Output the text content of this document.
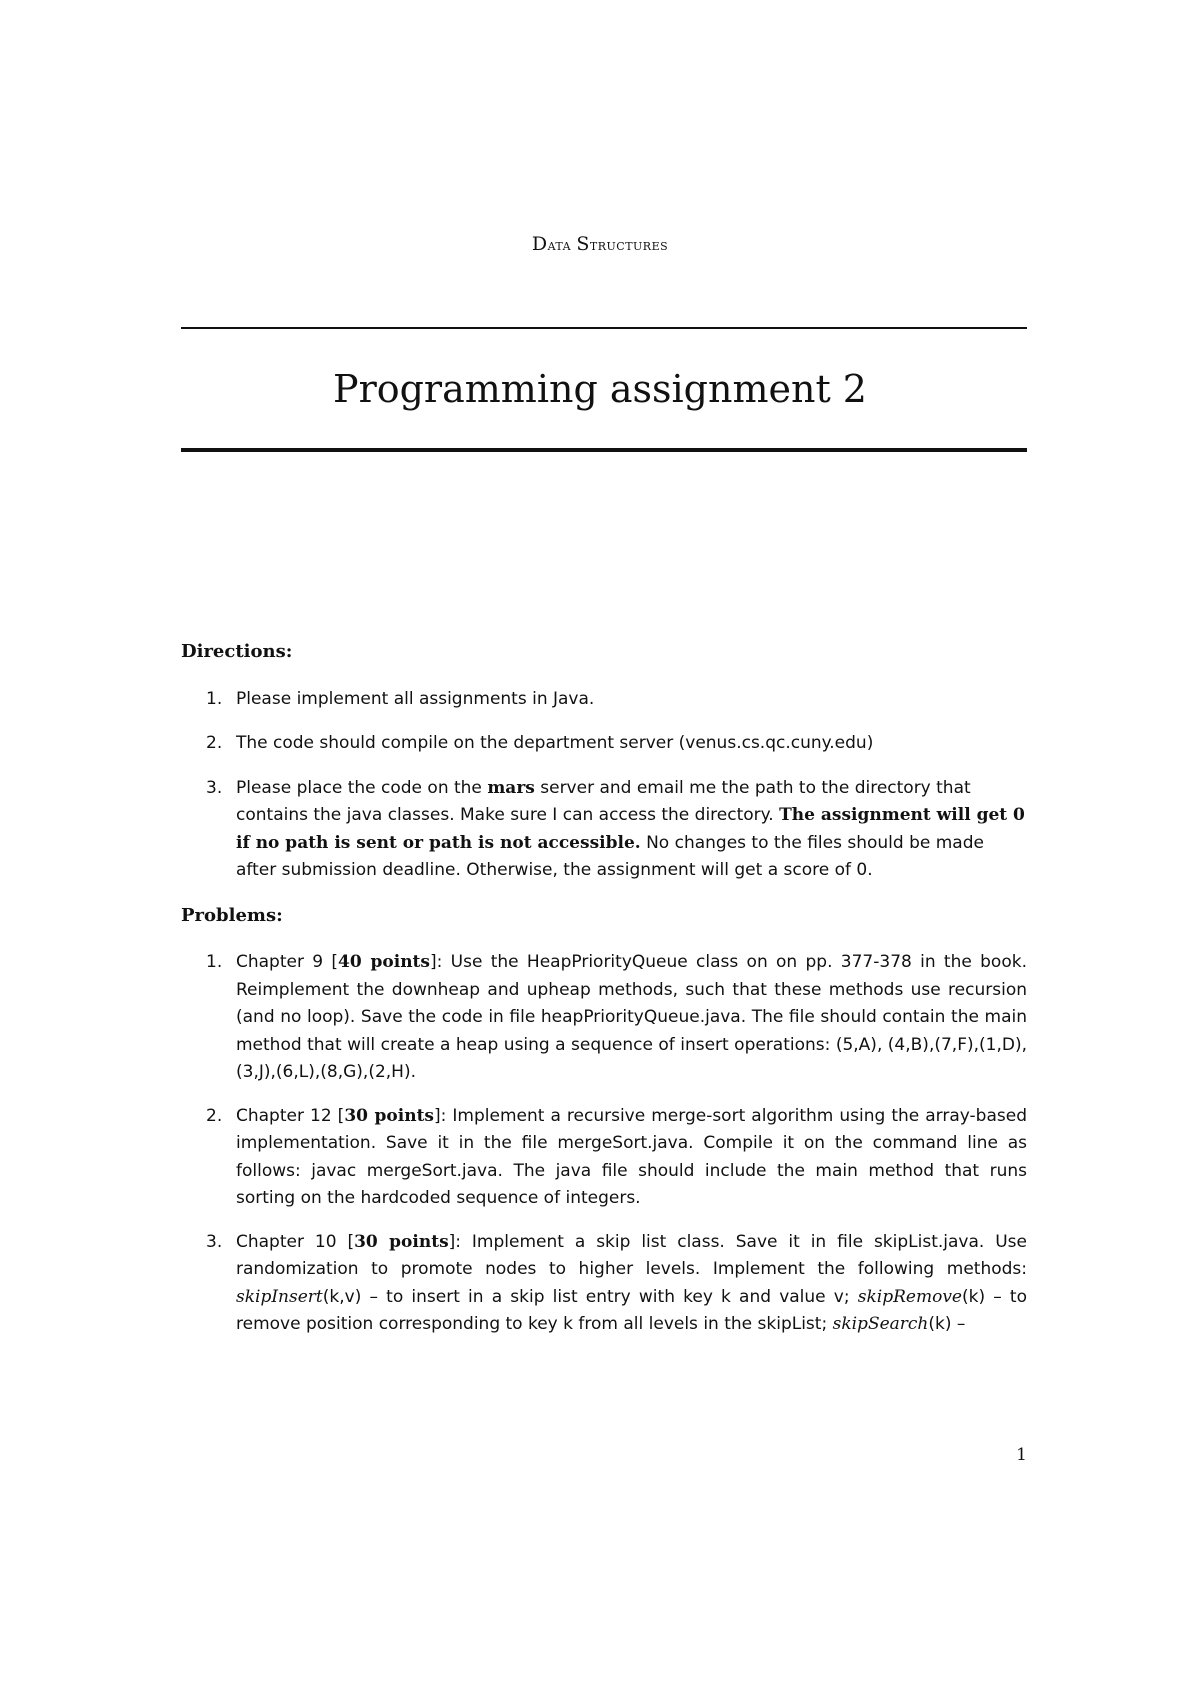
Data Structures
Programming assignment 2

Directions:

1. Please implement all assignments in Java.
2. The code should compile on the department server (venus.cs.qc.cuny.edu)
3. Please place the code on the mars server and email me the path to the directory that contains the java classes. Make sure I can access the directory. The assignment will get 0 if no path is sent or path is not accessible. No changes to the files should be made after submission deadline. Otherwise, the assignment will get a score of 0.

Problems:

1. Chapter 9 [40 points]: Use the HeapPriorityQueue class on on pp. 377-378 in the book. Reimplement the downheap and upheap methods, such that these methods use recursion (and no loop). Save the code in file heapPriorityQueue.java. The file should contain the main method that will create a heap using a sequence of insert operations: (5,A), (4,B),(7,F),(1,D),(3,J),(6,L),(8,G),(2,H).
2. Chapter 12 [30 points]: Implement a recursive merge-sort algorithm using the array-based implementation. Save it in the file mergeSort.java. Compile it on the command line as follows: javac mergeSort.java. The java file should include the main method that runs sorting on the hardcoded sequence of integers.
3. Chapter 10 [30 points]: Implement a skip list class. Save it in file skipList.java. Use randomization to promote nodes to higher levels. Implement the following methods: skipInsert(k,v) – to insert in a skip list entry with key k and value v; skipRemove(k) – to remove position corresponding to key k from all levels in the skipList; skipSearch(k) –
1
